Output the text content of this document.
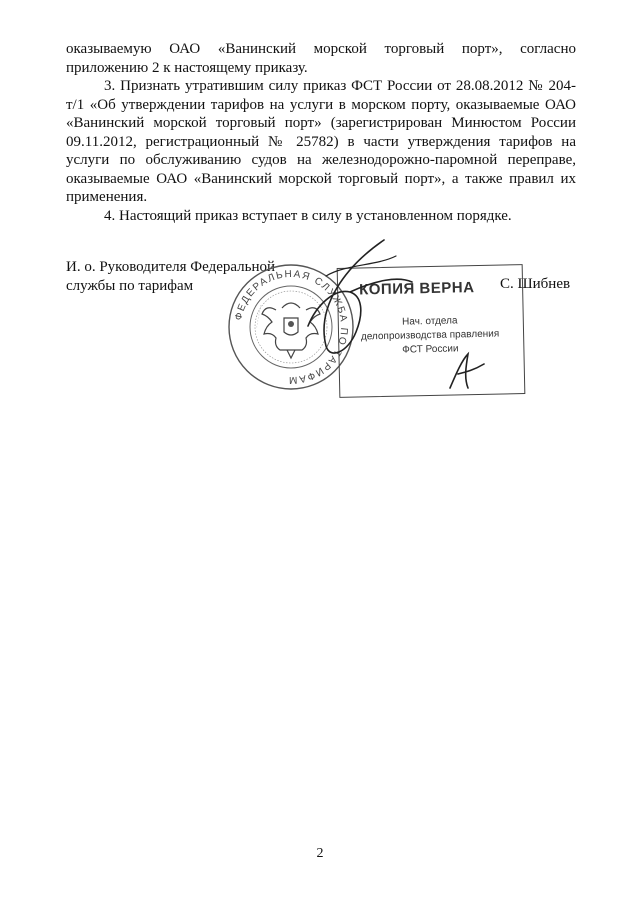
оказываемую ОАО «Ванинский морской торговый порт», согласно приложению 2 к настоящему приказу.

3. Признать утратившим силу приказ ФСТ России от 28.08.2012 № 204-т/1 «Об утверждении тарифов на услуги в морском порту, оказываемые ОАО «Ванинский морской торговый порт» (зарегистрирован Минюстом России 09.11.2012, регистрационный № 25782) в части утверждения тарифов на услуги по обслуживанию судов на железнодорожно-паромной переправе, оказываемые ОАО «Ванинский морской торговый порт», а также правил их применения.

4. Настоящий приказ вступает в силу в установленном порядке.

И. о. Руководителя Федеральной
службы по тарифам	С. Шибнев
ФЕДЕРАЛЬНАЯ СЛУЖБА ПО ТАРИФАМ
· · · · · · · ·
КОПИЯ ВЕРНА
Нач. отдела
делопроизводства правления
ФСТ России
2
